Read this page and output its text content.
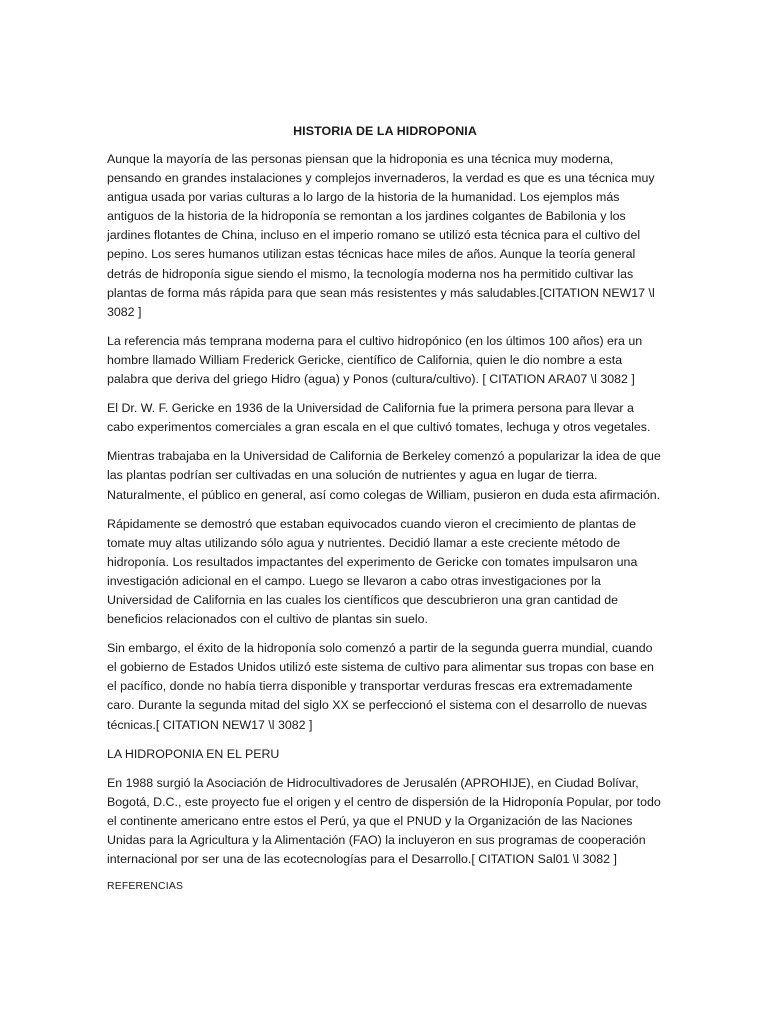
HISTORIA DE LA HIDROPONIA

Aunque la mayoría de las personas piensan que la hidroponia es una técnica muy moderna, pensando en grandes instalaciones y complejos invernaderos, la verdad es que es una técnica muy antigua usada por varias culturas a lo largo de la historia de la humanidad. Los ejemplos más antiguos de la historia de la hidroponía se remontan a los jardines colgantes de Babilonia y los jardines flotantes de China, incluso en el imperio romano se utilizó esta técnica para el cultivo del pepino. Los seres humanos utilizan estas técnicas hace miles de años. Aunque la teoría general detrás de hidroponía sigue siendo el mismo, la tecnología moderna nos ha permitido cultivar las plantas de forma más rápida para que sean más resistentes y más saludables.[CITATION NEW17 \l 3082 ]

La referencia más temprana moderna para el cultivo hidropónico (en los últimos 100 años) era un hombre llamado William Frederick Gericke, científico de California, quien le dio nombre a esta palabra que deriva del griego Hidro (agua) y Ponos (cultura/cultivo). [ CITATION ARA07 \l 3082 ]

El Dr. W. F. Gericke en 1936 de la Universidad de California fue la primera persona para llevar a cabo experimentos comerciales a gran escala en el que cultivó tomates, lechuga y otros vegetales.

Mientras trabajaba en la Universidad de California de Berkeley comenzó a popularizar la idea de que las plantas podrían ser cultivadas en una solución de nutrientes y agua en lugar de tierra. Naturalmente, el público en general, así como colegas de William, pusieron en duda esta afirmación.

Rápidamente se demostró que estaban equivocados cuando vieron el crecimiento de plantas de tomate muy altas utilizando sólo agua y nutrientes. Decidió llamar a este creciente método de hidroponía. Los resultados impactantes del experimento de Gericke con tomates impulsaron una investigación adicional en el campo. Luego se llevaron a cabo otras investigaciones por la Universidad de California en las cuales los científicos que descubrieron una gran cantidad de beneficios relacionados con el cultivo de plantas sin suelo.

Sin embargo, el éxito de la hidroponía solo comenzó a partir de la segunda guerra mundial, cuando el gobierno de Estados Unidos utilizó este sistema de cultivo para alimentar sus tropas con base en el pacífico, donde no había tierra disponible y transportar verduras frescas era extremadamente caro. Durante la segunda mitad del siglo XX se perfeccionó el sistema con el desarrollo de nuevas técnicas.[ CITATION NEW17 \l 3082 ]

LA HIDROPONIA EN EL PERU

En 1988 surgió la Asociación de Hidrocultivadores de Jerusalén (APROHIJE), en Ciudad Bolívar, Bogotá, D.C., este proyecto fue el origen y el centro de dispersión de la Hidroponía Popular, por todo el continente americano entre estos el Perú, ya que el PNUD y la Organización de las Naciones Unidas para la Agricultura y la Alimentación (FAO) la incluyeron en sus programas de cooperación internacional por ser una de las ecotecnologías para el Desarrollo.[ CITATION Sal01 \l 3082 ]

REFERENCIAS
